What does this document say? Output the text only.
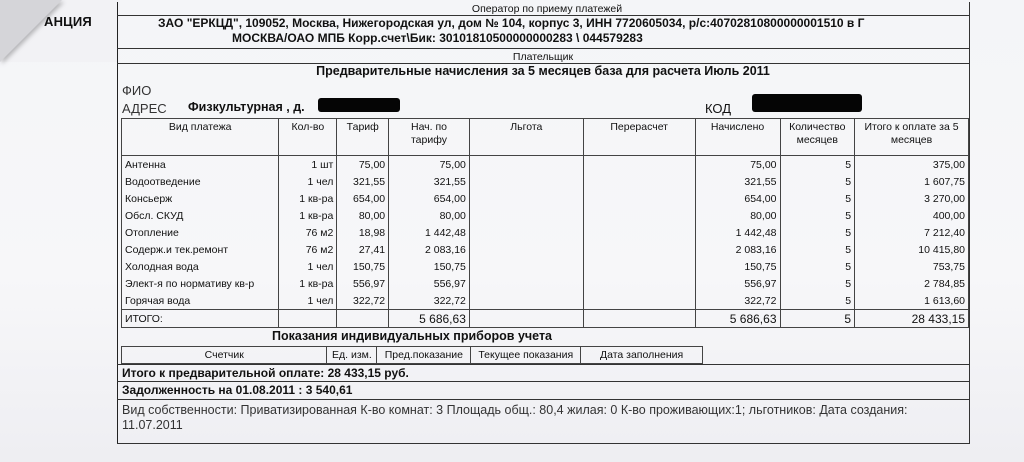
АНЦИЯ
Оператор по приему платежей
ЗАО "ЕРКЦД", 109052, Москва, Нижегородская ул, дом № 104, корпус 3, ИНН 7720605034, р/с:40702810800000001510 в Г
МОСКВА/ОАО МПБ Корр.счет\Бик: 30101810500000000283 \ 044579283
Плательщик
Предварительные начисления за 5 месяцев база для расчета Июль 2011
ФИО
АДРЕС Физкультурная , д.	КОД
Вид платежа	Кол-во	Тариф	Нач. по тарифу	Льгота	Перерасчет	Начислено	Количество месяцев	Итого к оплате за 5 месяцев
Антенна	1 шт	75,00	75,00			75,00	5	375,00
Водоотведение	1 чел	321,55	321,55			321,55	5	1 607,75
Консьерж	1 кв-ра	654,00	654,00			654,00	5	3 270,00
Обсл. СКУД	1 кв-ра	80,00	80,00			80,00	5	400,00
Отопление	76 м2	18,98	1 442,48			1 442,48	5	7 212,40
Содерж.и тек.ремонт	76 м2	27,41	2 083,16			2 083,16	5	10 415,80
Холодная вода	1 чел	150,75	150,75			150,75	5	753,75
Элект-я по нормативу кв-р	1 кв-ра	556,97	556,97			556,97	5	2 784,85
Горячая вода	1 чел	322,72	322,72			322,72	5	1 613,60
ИТОГО:			5 686,63			5 686,63	5	28 433,15
Показания индивидуальных приборов учета
Счетчик	Ед. изм.	Пред.показание	Текущее показания	Дата заполнения
Итого к предварительной оплате: 28 433,15 руб.
Задолженность на 01.08.2011 : 3 540,61
Вид собственности: Приватизированная К-во комнат: 3 Площадь общ.: 80,4 жилая: 0 К-во проживающих:1; льготников: Дата создания:
11.07.2011
